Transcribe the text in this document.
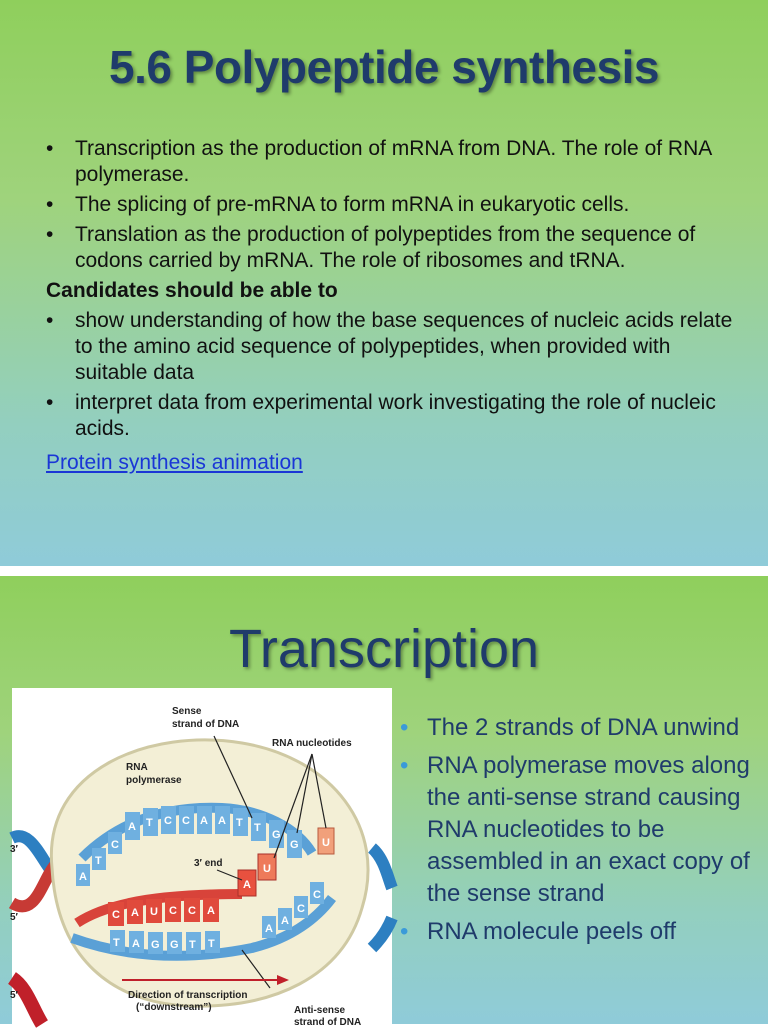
5.6 Polypeptide synthesis
• Transcription as the production of mRNA from DNA. The role of RNA polymerase.
• The splicing of pre-mRNA to form mRNA in eukaryotic cells.
• Translation as the production of polypeptides from the sequence of codons carried by mRNA. The role of ribosomes and tRNA.
Candidates should be able to
• show understanding of how the base sequences of nucleic acids relate to the amino acid sequence of polypeptides, when provided with suitable data
• interpret data from experimental work investigating the role of nucleic acids.
Protein synthesis animation
Transcription
A T C C A A T T
G
G
A
T
C
C A U C C A
T A G G T T
A
A
C
C
A
U
U
Sense
strand of DNA
RNA nucleotides
RNA
polymerase
3′ end
Direction of transcription
(“downstream”)	Anti-sense
strand of DNA
3′
5′
5′
• The 2 strands of DNA unwind
• RNA polymerase moves along the anti-sense strand causing RNA nucleotides to be assembled in an exact copy of the sense strand
• RNA molecule peels off
